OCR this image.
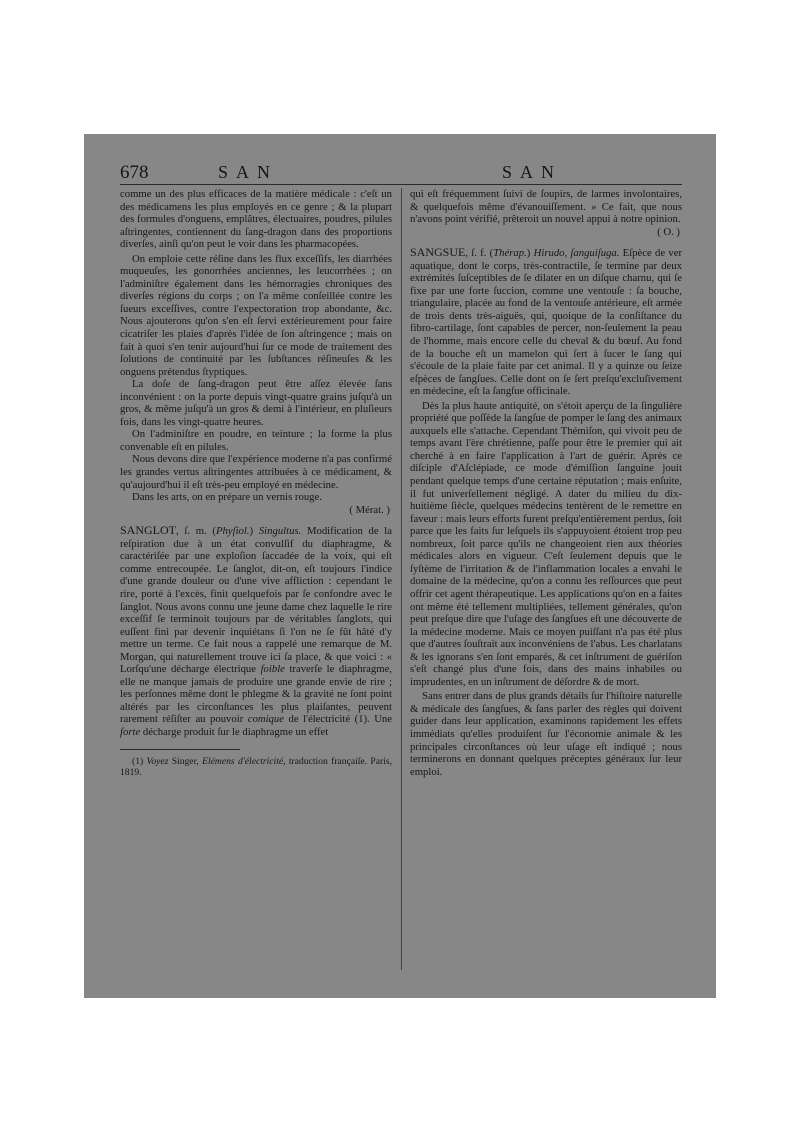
678	SAN	SAN

comme un des plus efficaces de la matière médicale : c'eſt un des médicamens les plus employés en ce genre ; & la plupart des formules d'onguens, emplâtres, électuaires, poudres, pilules aſtringentes, contiennent du ſang-dragon dans des proportions diverſes, ainſi qu'on peut le voir dans les pharmacopées.

On emploie cette réſine dans les flux exceſſifs, les diarrhées muqueuſes, les gonorrhées anciennes, les leucorrhées ; on l'adminiſtre également dans les hémorragies chroniques des diverſes régions du corps ; on l'a même conſeillée contre les ſueurs exceſſives, contre l'expectoration trop abondante, &c. Nous ajouterons qu'on s'en eſt ſervi extérieurement pour faire cicatriſer les plaies d'après l'idée de ſon aſtringence ; mais on fait à quoi s'en tenir aujourd'hui ſur ce mode de traitement des ſolutions de continuité par les ſubſtances réſineuſes & les onguens prétendus ſtyptiques.

La doſe de ſang-dragon peut être aſſez élevée ſans inconvénient : on la porte depuis vingt-quatre grains juſqu'à un gros, & même juſqu'à un gros & demi à l'intérieur, en pluſieurs fois, dans les vingt-quatre heures.

On l'adminiſtre en poudre, en teinture ; la forme la plus convenable eſt en pilules.

Nous devons dire que l'expérience moderne n'a pas confirmé les grandes vertus aſtringentes attribuées à ce médicament, & qu'aujourd'hui il eſt très-peu employé en médecine.

Dans les arts, on en prépare un vernis rouge.

( Mérat. )

SANGLOT, ſ. m. (Phyſiol.) Singultus. Modification de la reſpiration due à un état convulſif du diaphragme, & caractériſée par une exploſion ſaccadée de la voix, qui eſt comme entrecoupée. Le ſanglot, dit-on, eſt toujours l'indice d'une grande douleur ou d'une vive affliction : cependant le rire, porté à l'excès, finit quelquefois par ſe confondre avec le ſanglot. Nous avons connu une jeune dame chez laquelle le rire exceſſif ſe terminoit toujours par de véritables ſanglots, qui euſſent fini par devenir inquiétans ſi l'on ne ſe fût hâté d'y mettre un terme. Ce fait nous a rappelé une remarque de M. Morgan, qui naturellement trouve ici ſa place, & que voici : « Lorſqu'une décharge électrique foible traverſe le diaphragme, elle ne manque jamais de produire une grande envie de rire ; les perſonnes même dont le phlegme & la gravité ne ſont point altérés par les circonſtances les plus plaiſantes, peuvent rarement réſiſter au pouvoir comique de l'électricité (1). Une forte décharge produit ſur le diaphragme un effet

(1) Voyez Singer, Elémens d'électricité, traduction françaiſe. Paris, 1819.

qui eſt fréquemment ſuivi de ſoupirs, de larmes involontaires, & quelquefois même d'évanouiſſement. » Ce fait, que nous n'avons point vérifié, prêteroit un nouvel appui à notre opinion.

( O. )

SANGSUE, ſ. f. (Thérap.) Hirudo, ſanguiſuga. Eſpèce de ver aquatique, dont le corps, très-contractile, ſe termine par deux extrémités ſuſceptibles de ſe dilater en un diſque charnu, qui ſe fixe par une forte ſuccion, comme une ventouſe : ſa bouche, triangulaire, placée au fond de la ventouſe antérieure, eſt armée de trois dents très-aiguës, qui, quoique de la conſiſtance du fibro-cartilage, ſont capables de percer, non-ſeulement la peau de l'homme, mais encore celle du cheval & du bœuf. Au fond de la bouche eſt un mamelon qui ſert à ſucer le ſang qui s'écoule de la plaie faite par cet animal. Il y a quinze ou ſeize eſpèces de ſangſues. Celle dont on ſe ſert preſqu'excluſivement en médecine, eſt la ſangſue officinale.

Dès la plus haute antiquité, on s'étoit aperçu de la ſingulière propriété que poſſède la ſangſue de pomper le ſang des animaux auxquels elle s'attache. Cependant Thémiſon, qui vivoit peu de temps avant l'ère chrétienne, paſſe pour être le premier qui ait cherché à en faire l'application à l'art de guérir. Après ce diſciple d'Aſclépiade, ce mode d'émiſſion ſanguine jouit pendant quelque temps d'une certaine réputation ; mais enſuite, il fut univerſellement négligé. A dater du milieu du dix-huitième ſiècle, quelques médecins tentèrent de le remettre en faveur : mais leurs efforts furent preſqu'entièrement perdus, ſoit parce que les faits ſur leſquels ils s'appuyoient étoient trop peu nombreux, ſoit parce qu'ils ne changeoient rien aux théories médicales alors en vigueur. C'eſt ſeulement depuis que le ſyſtème de l'irritation & de l'inflammation locales a envahi le domaine de la médecine, qu'on a connu les reſſources que peut offrir cet agent thérapeutique. Les applications qu'on en a faites ont même été tellement multipliées, tellement générales, qu'on peut preſque dire que l'uſage des ſangſues eſt une découverte de la médecine moderne. Mais ce moyen puiſſant n'a pas été plus que d'autres ſouſtrait aux inconvéniens de l'abus. Les charlatans & les ignorans s'en ſont emparés, & cet inſtrument de guériſon s'eſt changé plus d'une fois, dans des mains inhabiles ou imprudentes, en un inſtrument de déſordre & de mort.

Sans entrer dans de plus grands détails ſur l'hiſtoire naturelle & médicale des ſangſues, & ſans parler des règles qui doivent guider dans leur application, examinons rapidement les effets immédiats qu'elles produiſent ſur l'économie animale & les principales circonſtances où leur uſage eſt indiqué ; nous terminerons en donnant quelques préceptes généraux ſur leur emploi.
